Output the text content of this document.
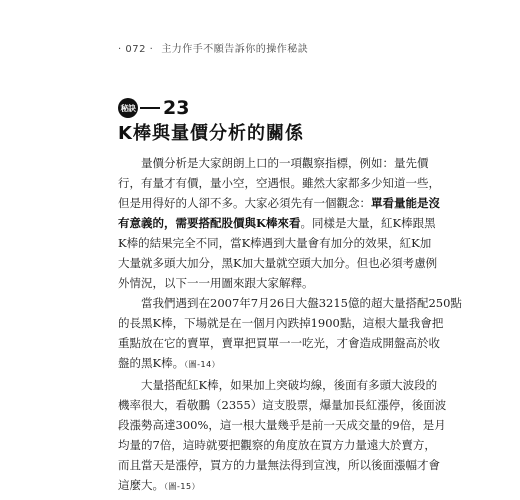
‧ 072 ‧ 主力作手不願告訴你的操作秘訣
秘訣 23
K棒與量價分析的關係

量價分析是大家朗朗上口的一項觀察指標，例如：量先價
行，有量才有價，量小空，空遇恨。雖然大家都多少知道一些，
但是用得好的人卻不多。大家必須先有一個觀念：單看量能是沒
有意義的，需要搭配股價與K棒來看。同樣是大量，紅K棒跟黑
K棒的結果完全不同，當K棒遇到大量會有加分的效果，紅K加
大量就多頭大加分，黑K加大量就空頭大加分。但也必須考慮例
外情況，以下一一用圖來跟大家解釋。

當我們遇到在2007年7月26日大盤3215億的超大量搭配250點
的長黑K棒，下場就是在一個月內跌掉1900點，這根大量我會把
重點放在它的賣單，賣單把買單一一吃光，才會造成開盤高於收
盤的黑K棒。（圖-14）

大量搭配紅K棒，如果加上突破均線，後面有多頭大波段的
機率很大，看敬鵬（2355）這支股票，爆量加長紅漲停，後面波
段漲勢高達300%，這一根大量幾乎是前一天成交量的9倍，是月
均量的7倍，這時就要把觀察的角度放在買方力量遠大於賣方，
而且當天是漲停，買方的力量無法得到宣洩，所以後面漲幅才會
這麼大。（圖-15）
